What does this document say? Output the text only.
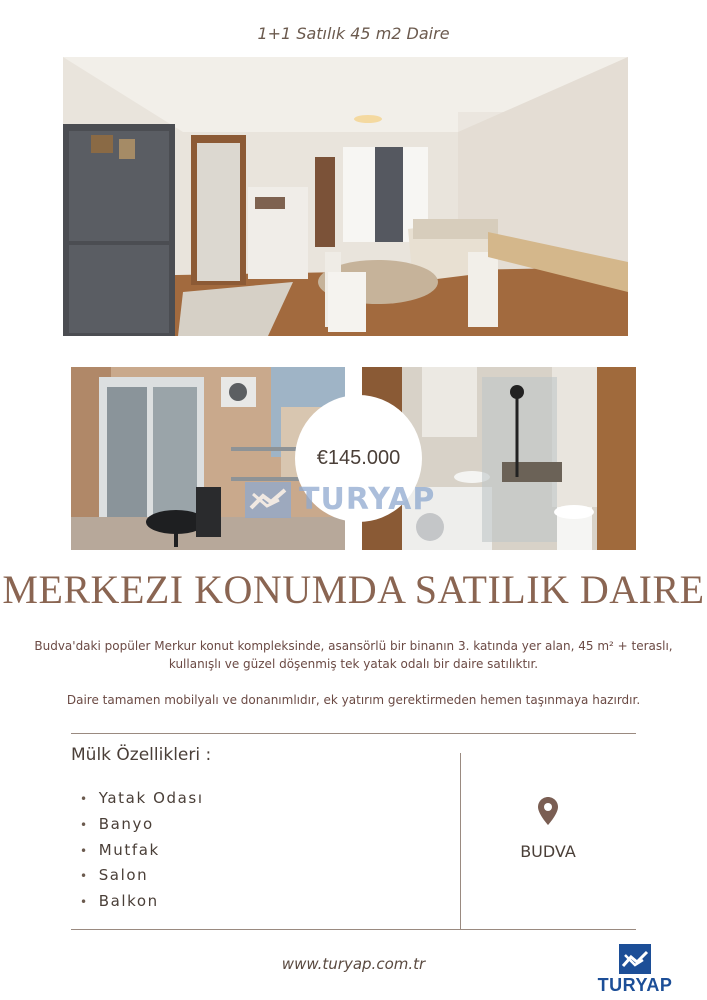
1+1 Satılık 45 m2 Daire
€145.000
TURYAP
MERKEZI KONUMDA SATILIK DAIRE

Budva'daki popüler Merkur konut kompleksinde, asansörlü bir binanın 3. katında yer alan, 45 m² + teraslı, kullanışlı ve güzel döşenmiş tek yatak odalı bir daire satılıktır.

Daire tamamen mobilyalı ve donanımlıdır, ek yatırım gerektirmeden hemen taşınmaya hazırdır.

Mülk Özellikleri :
• Yatak Odası
• Banyo
• Mutfak
• Salon
• Balkon
BUDVA
www.turyap.com.tr
TURYAP
